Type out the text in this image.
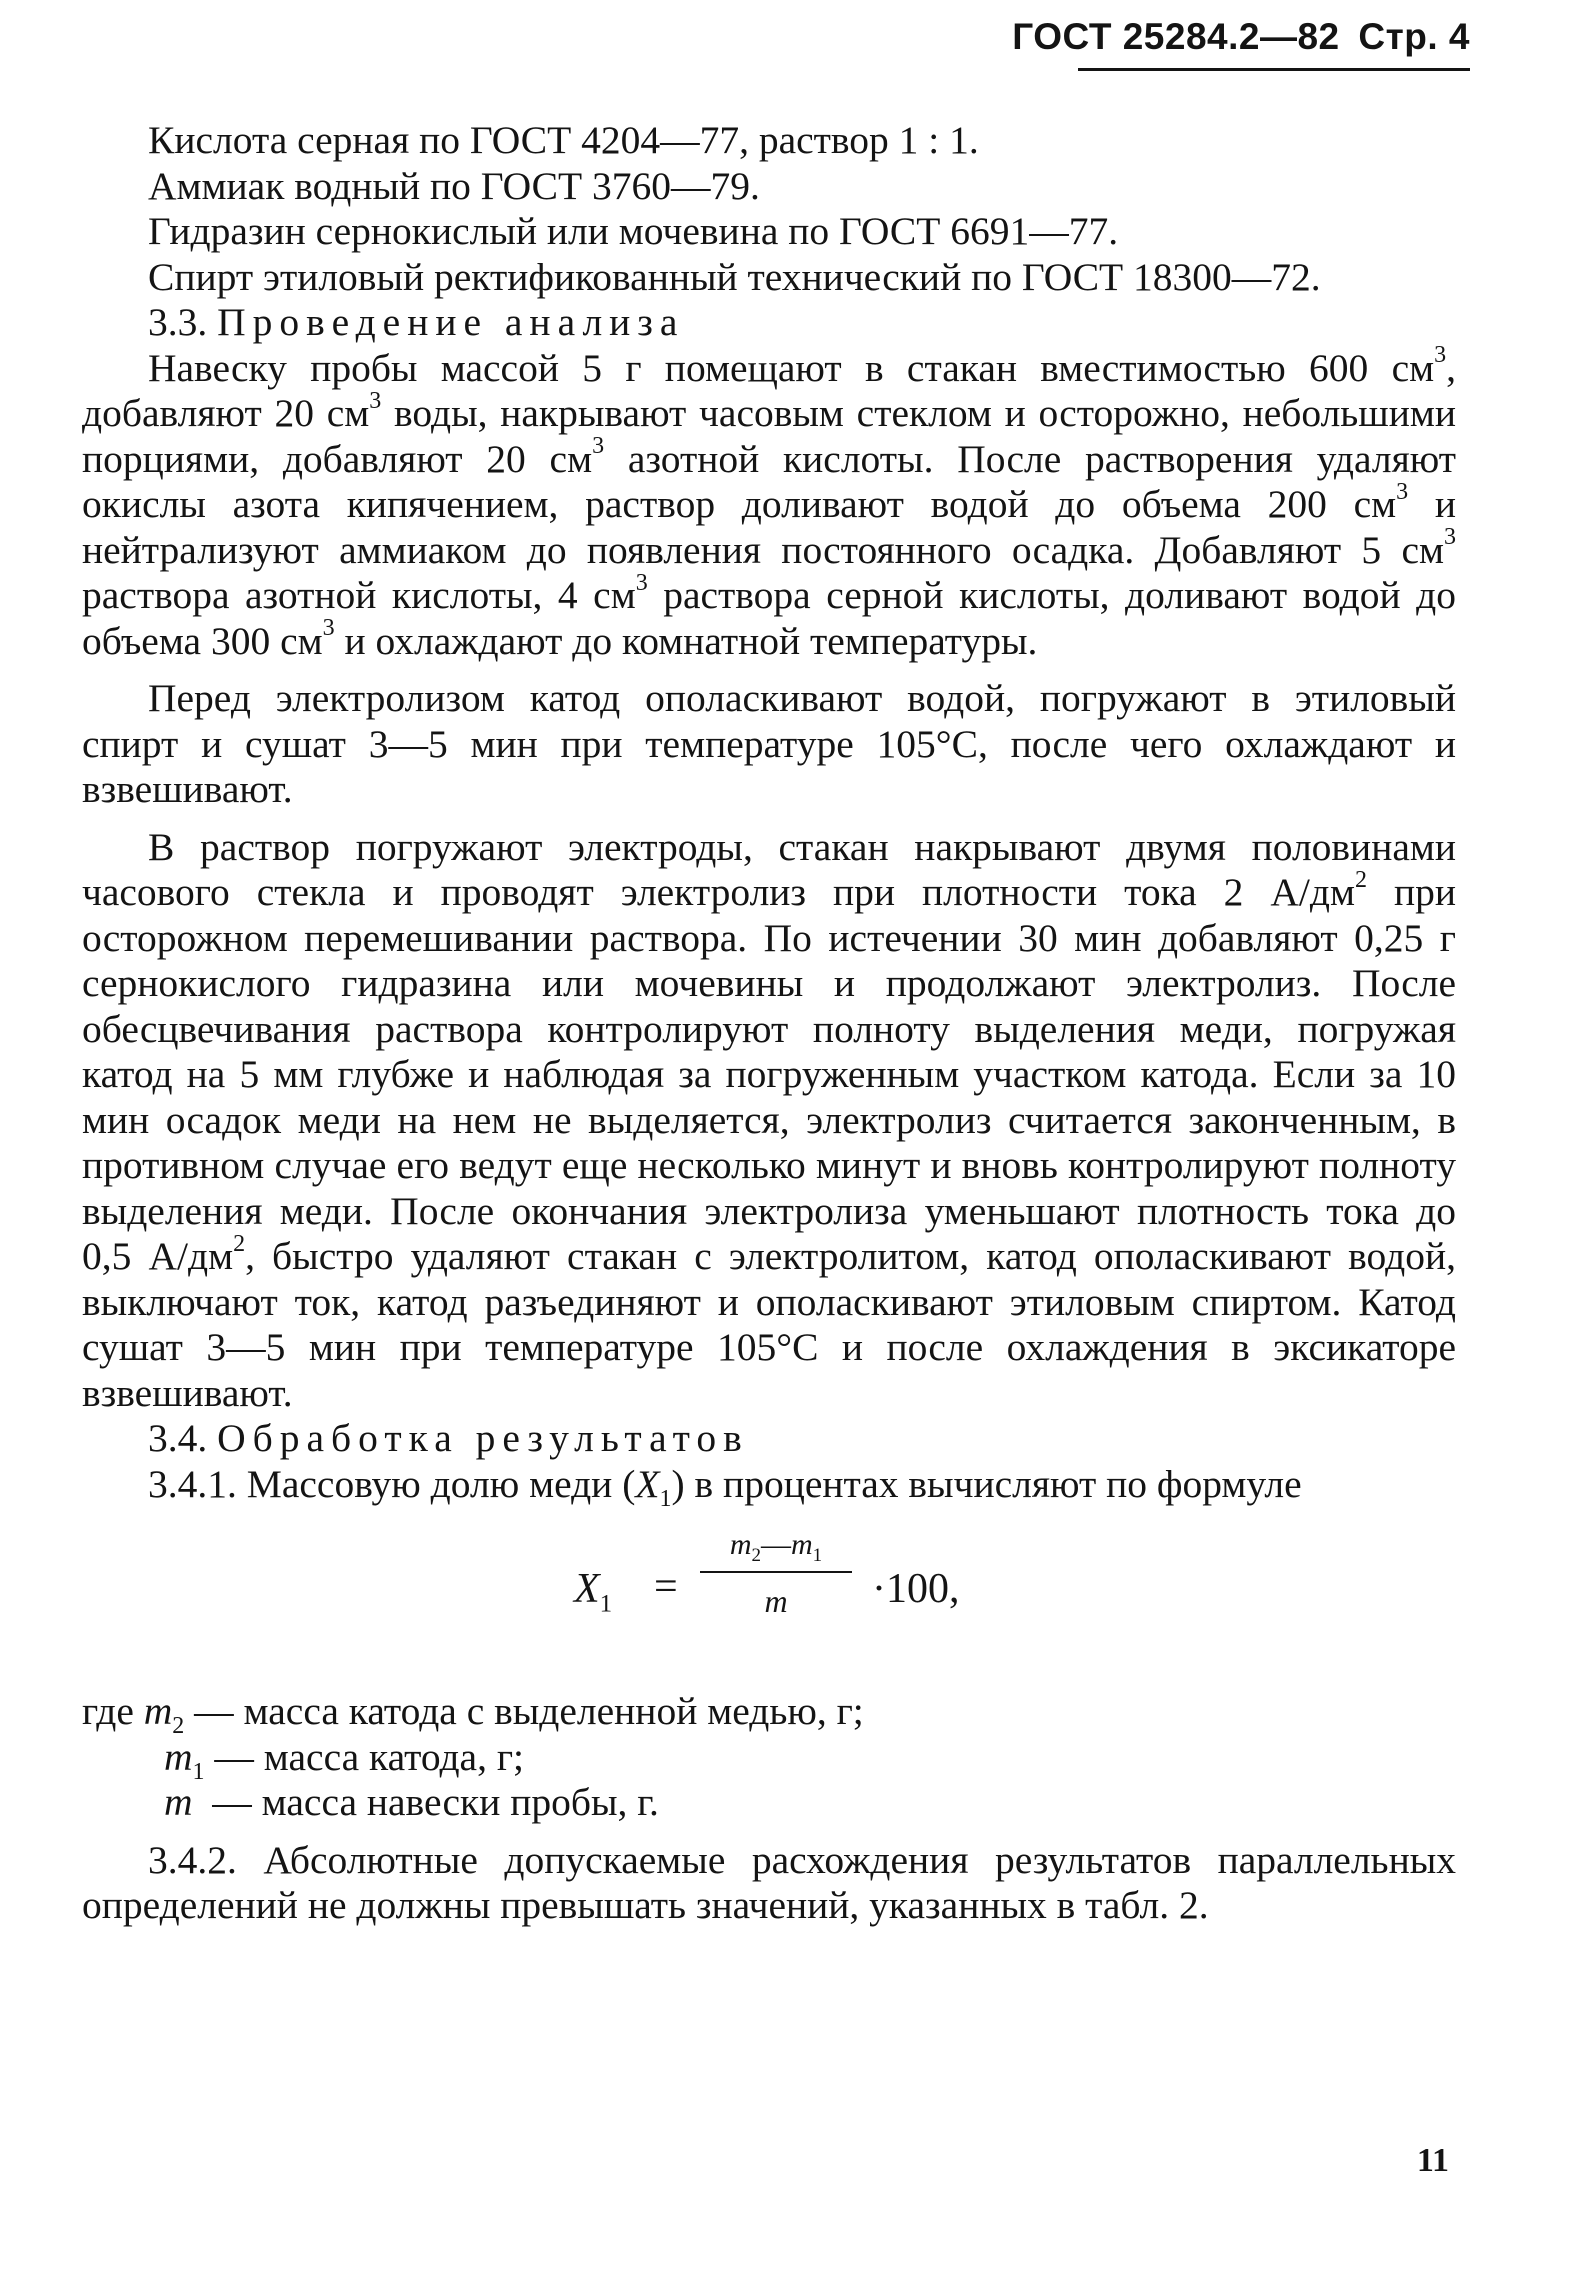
ГОСТ 25284.2—82 Стр. 4

Кислота серная по ГОСТ 4204—77, раствор 1 : 1.

Аммиак водный по ГОСТ 3760—79.

Гидразин сернокислый или мочевина по ГОСТ 6691—77.

Спирт этиловый ректификованный технический по ГОСТ 18300—72.

3.3. Проведение анализа

Навеску пробы массой 5 г помещают в стакан вместимостью 600 $см^3$, добавляют 20 $см^3$ воды, накрывают часовым стеклом и осторожно, небольшими порциями, добавляют 20 $см^3$ азотной кислоты. После растворения удаляют окислы азота кипячением, раствор доливают водой до объема 200 $см^3$ и нейтрализуют аммиаком до появления постоянного осадка. Добавляют 5 $см^3$ раствора азотной кислоты, 4 $см^3$ раствора серной кислоты, доливают водой до объема 300 $см^3$ и охлаждают до комнатной температуры.

Перед электролизом катод ополаскивают водой, погружают в этиловый спирт и сушат 3—5 мин при температуре 105°С, после чего охлаждают и взвешивают.

В раствор погружают электроды, стакан накрывают двумя половинами часового стекла и проводят электролиз при плотности тока 2 $А/дм^2$ при осторожном перемешивании раствора. По истечении 30 мин добавляют 0,25 г сернокислого гидразина или мочевины и продолжают электролиз. После обесцвечивания раствора контролируют полноту выделения меди, погружая катод на 5 мм глубже и наблюдая за погруженным участком катода. Если за 10 мин осадок меди на нем не выделяется, электролиз считается законченным, в противном случае его ведут еще несколько минут и вновь контролируют полноту выделения меди. После окончания электролиза уменьшают плотность тока до 0,5 $А/дм^2$, быстро удаляют стакан с электролитом, катод ополаскивают водой, выключают ток, катод разъединяют и ополаскивают этиловым спиртом. Катод сушат 3—5 мин при температуре 105°С и после охлаждения в эксикаторе взвешивают.

3.4. Обработка результатов

3.4.1. Массовую долю меди $(X_1)$ в процентах вычисляют по формуле

$X_1$ =
$m_2—m_1$
m	·100,

где $m_2$ — масса катода с выделенной медью, г;

$m_1$ — масса катода, г;

m — масса навески пробы, г.

3.4.2. Абсолютные допускаемые расхождения результатов параллельных определений не должны превышать значений, указанных в табл. 2.

11
